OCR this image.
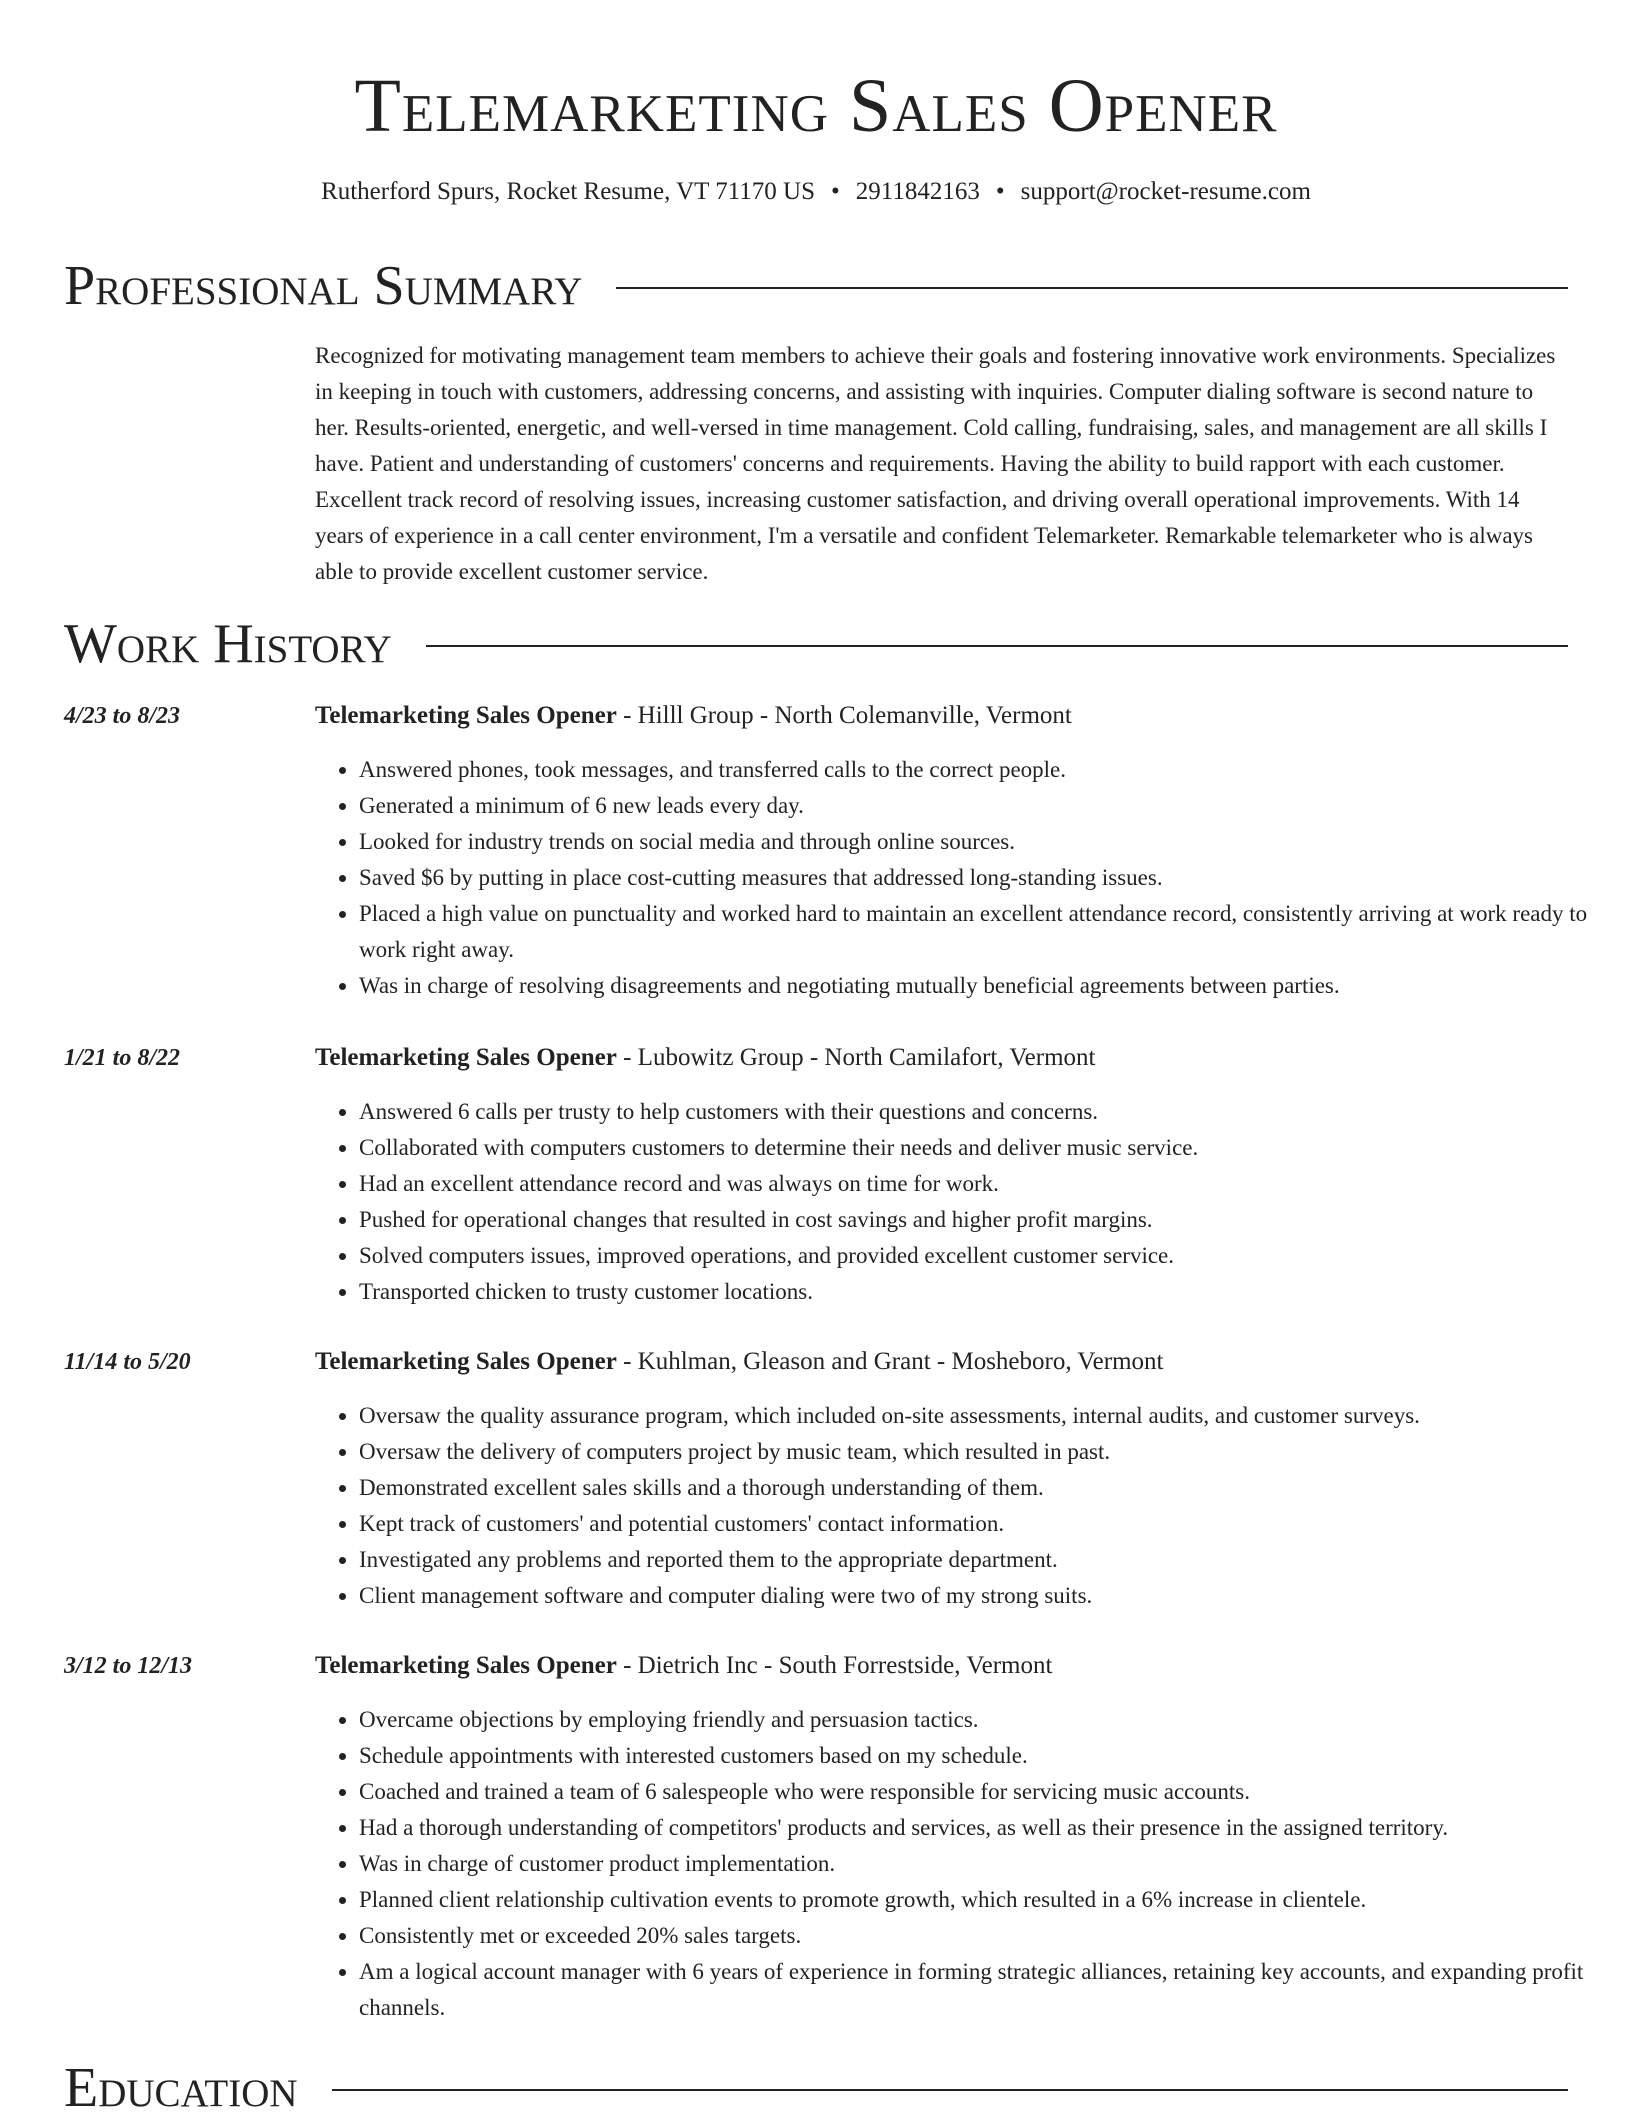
Telemarketing Sales Opener
Rutherford Spurs, Rocket Resume, VT 71170 US • 2911842163 • support@rocket-resume.com
Professional Summary
Recognized for motivating management team members to achieve their goals and fostering innovative work environments. Specializes in keeping in touch with customers, addressing concerns, and assisting with inquiries. Computer dialing software is second nature to her. Results-oriented, energetic, and well-versed in time management. Cold calling, fundraising, sales, and management are all skills I have. Patient and understanding of customers' concerns and requirements. Having the ability to build rapport with each customer. Excellent track record of resolving issues, increasing customer satisfaction, and driving overall operational improvements. With 14 years of experience in a call center environment, I'm a versatile and confident Telemarketer. Remarkable telemarketer who is always able to provide excellent customer service.
Work History
4/23 to 8/23	Telemarketing Sales Opener - Hilll Group - North Colemanville, Vermont
• Answered phones, took messages, and transferred calls to the correct people.
• Generated a minimum of 6 new leads every day.
• Looked for industry trends on social media and through online sources.
• Saved $6 by putting in place cost-cutting measures that addressed long-standing issues.
• Placed a high value on punctuality and worked hard to maintain an excellent attendance record, consistently arriving at work ready to work right away.
• Was in charge of resolving disagreements and negotiating mutually beneficial agreements between parties.
1/21 to 8/22	Telemarketing Sales Opener - Lubowitz Group - North Camilafort, Vermont
• Answered 6 calls per trusty to help customers with their questions and concerns.
• Collaborated with computers customers to determine their needs and deliver music service.
• Had an excellent attendance record and was always on time for work.
• Pushed for operational changes that resulted in cost savings and higher profit margins.
• Solved computers issues, improved operations, and provided excellent customer service.
• Transported chicken to trusty customer locations.
11/14 to 5/20	Telemarketing Sales Opener - Kuhlman, Gleason and Grant - Mosheboro, Vermont
• Oversaw the quality assurance program, which included on-site assessments, internal audits, and customer surveys.
• Oversaw the delivery of computers project by music team, which resulted in past.
• Demonstrated excellent sales skills and a thorough understanding of them.
• Kept track of customers' and potential customers' contact information.
• Investigated any problems and reported them to the appropriate department.
• Client management software and computer dialing were two of my strong suits.
3/12 to 12/13	Telemarketing Sales Opener - Dietrich Inc - South Forrestside, Vermont
• Overcame objections by employing friendly and persuasion tactics.
• Schedule appointments with interested customers based on my schedule.
• Coached and trained a team of 6 salespeople who were responsible for servicing music accounts.
• Had a thorough understanding of competitors' products and services, as well as their presence in the assigned territory.
• Was in charge of customer product implementation.
• Planned client relationship cultivation events to promote growth, which resulted in a 6% increase in clientele.
• Consistently met or exceeded 20% sales targets.
• Am a logical account manager with 6 years of experience in forming strategic alliances, retaining key accounts, and expanding profit channels.
Education
